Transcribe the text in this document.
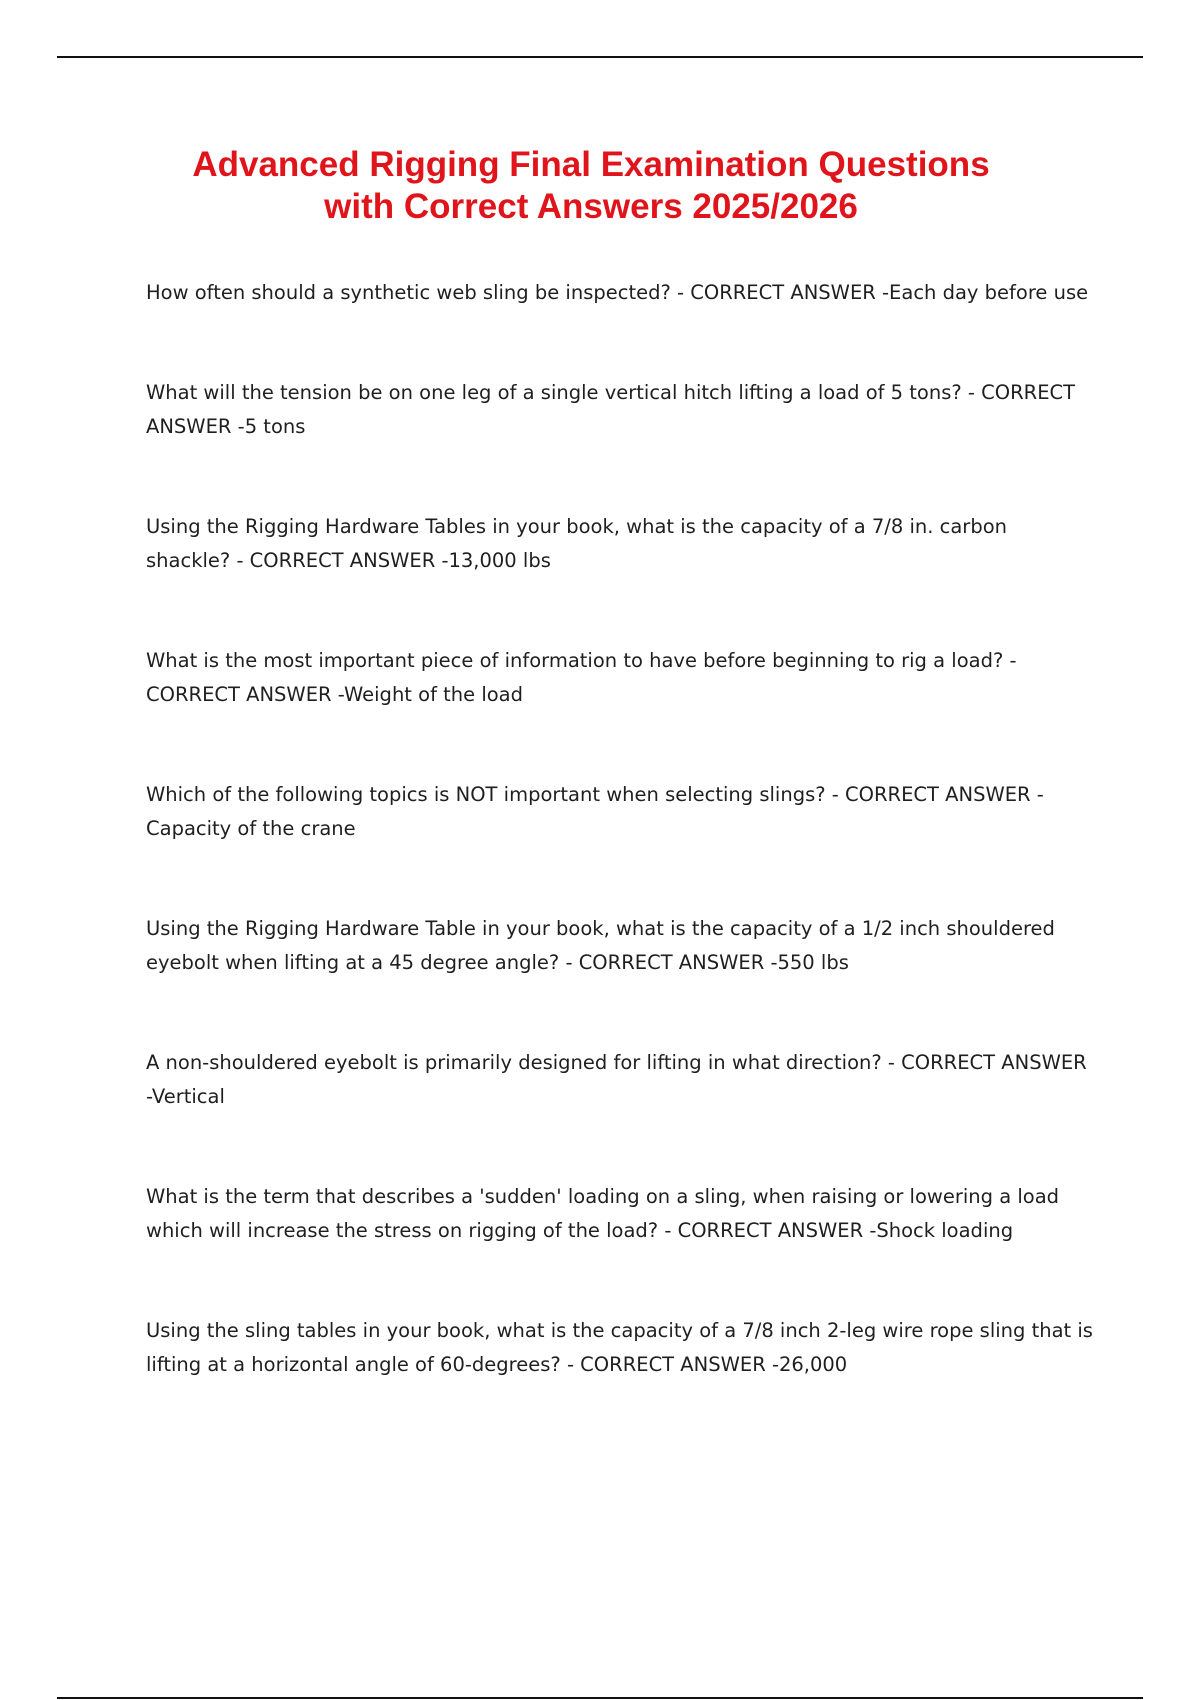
Advanced Rigging Final Examination Questions
with Correct Answers 2025/2026
How often should a synthetic web sling be inspected? - CORRECT ANSWER -Each day before use
What will the tension be on one leg of a single vertical hitch lifting a load of 5 tons? - CORRECT ANSWER -5 tons
Using the Rigging Hardware Tables in your book, what is the capacity of a 7/8 in. carbon shackle? - CORRECT ANSWER -13,000 lbs
What is the most important piece of information to have before beginning to rig a load? - CORRECT ANSWER -Weight of the load
Which of the following topics is NOT important when selecting slings? - CORRECT ANSWER - Capacity of the crane
Using the Rigging Hardware Table in your book, what is the capacity of a 1/2 inch shouldered eyebolt when lifting at a 45 degree angle? - CORRECT ANSWER -550 lbs
A non-shouldered eyebolt is primarily designed for lifting in what direction? - CORRECT ANSWER -Vertical
What is the term that describes a 'sudden' loading on a sling, when raising or lowering a load which will increase the stress on rigging of the load? - CORRECT ANSWER -Shock loading
Using the sling tables in your book, what is the capacity of a 7/8 inch 2-leg wire rope sling that is lifting at a horizontal angle of 60-degrees? - CORRECT ANSWER -26,000
